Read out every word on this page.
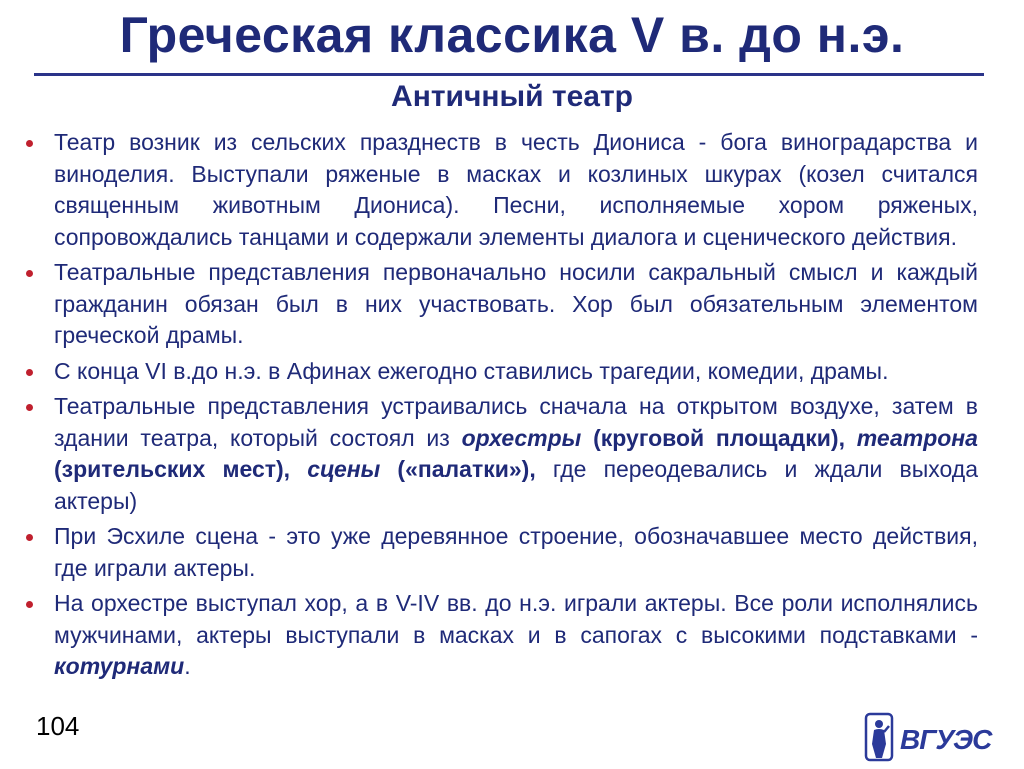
Греческая классика V в. до н.э.
Античный театр
Театр возник из сельских празднеств в честь Диониса - бога виноградарства и виноделия. Выступали ряженые в масках и козлиных шкурах (козел считался священным животным Диониса). Песни, исполняемые хором ряженых, сопровождались танцами и содержали элементы диалога и сценического действия.
Театральные представления первоначально носили сакральный смысл и каждый гражданин обязан был в них участвовать. Хор был обязательным элементом греческой драмы.
С конца VI в.до н.э. в Афинах ежегодно ставились трагедии, комедии, драмы.
Театральные представления устраивались сначала на открытом воздухе, затем в здании театра, который состоял из орхестры (круговой площадки), театрона (зрительских мест), сцены («палатки»), где переодевались и ждали выхода актеры)
При Эсхиле сцена - это уже деревянное строение, обозначавшее место действия, где играли актеры.
На орхестре выступал хор, а в V-IV вв. до н.э. играли актеры. Все роли исполнялись мужчинами, актеры выступали в масках и в сапогах с высокими подставками - котурнами.
104	ВГУЭС
